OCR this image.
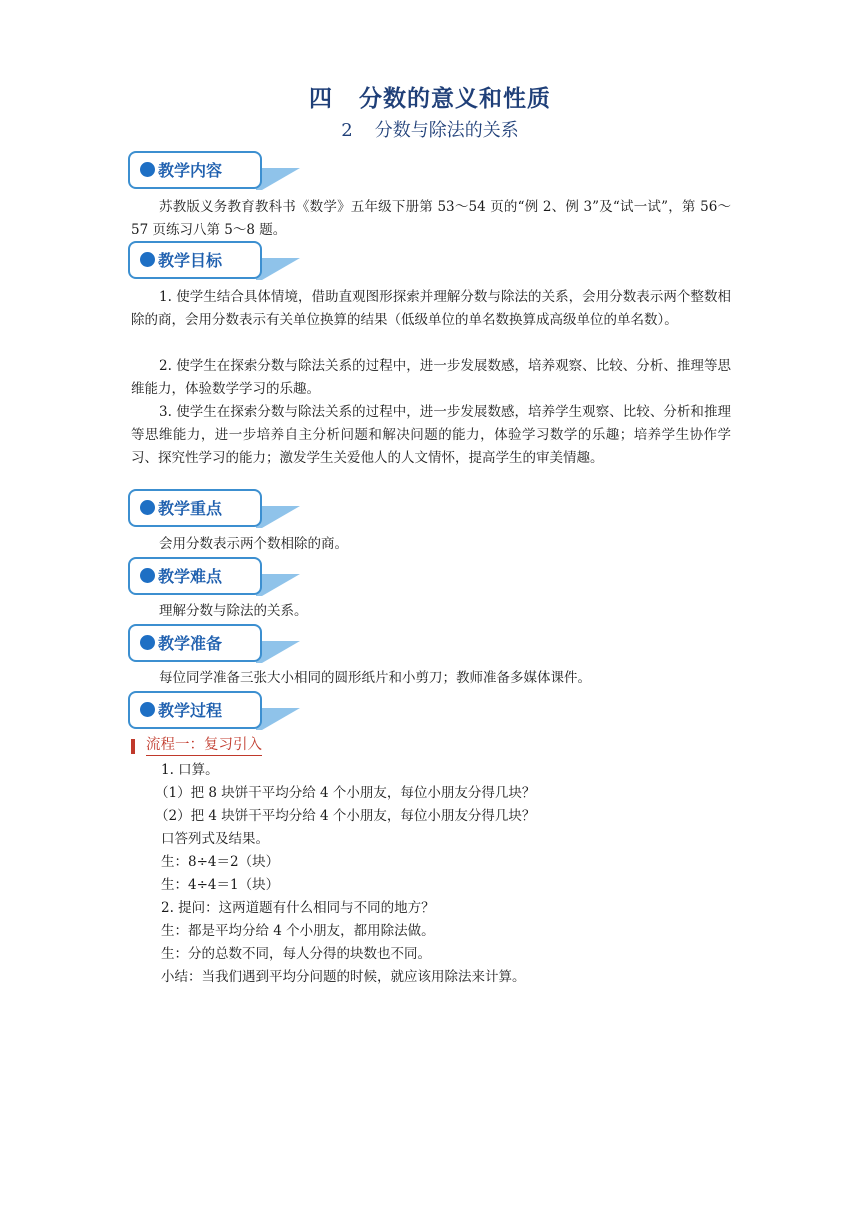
四 分数的意义和性质
2 分数与除法的关系
教学内容

苏教版义务教育教科书《数学》五年级下册第 53～54 页的“例 2、例 3”及“试一试”，第 56～57 页练习八第 5～8 题。

教学目标

1. 使学生结合具体情境，借助直观图形探索并理解分数与除法的关系，会用分数表示两个整数相除的商，会用分数表示有关单位换算的结果（低级单位的单名数换算成高级单位的单名数）。

2. 使学生在探索分数与除法关系的过程中，进一步发展数感，培养观察、比较、分析、推理等思维能力，体验数学学习的乐趣。

3. 使学生在探索分数与除法关系的过程中，进一步发展数感，培养学生观察、比较、分析和推理等思维能力，进一步培养自主分析问题和解决问题的能力，体验学习数学的乐趣；培养学生协作学习、探究性学习的能力；激发学生关爱他人的人文情怀，提高学生的审美情趣。

教学重点

会用分数表示两个数相除的商。

教学难点

理解分数与除法的关系。

教学准备

每位同学准备三张大小相同的圆形纸片和小剪刀；教师准备多媒体课件。

教学过程
流程一：复习引入
1. 口算。
（1）把 8 块饼干平均分给 4 个小朋友，每位小朋友分得几块？
（2）把 4 块饼干平均分给 4 个小朋友，每位小朋友分得几块？
口答列式及结果。
生：8÷4＝2（块）
生：4÷4＝1（块）
2. 提问：这两道题有什么相同与不同的地方？
生：都是平均分给 4 个小朋友，都用除法做。
生：分的总数不同，每人分得的块数也不同。
小结：当我们遇到平均分问题的时候，就应该用除法来计算。
